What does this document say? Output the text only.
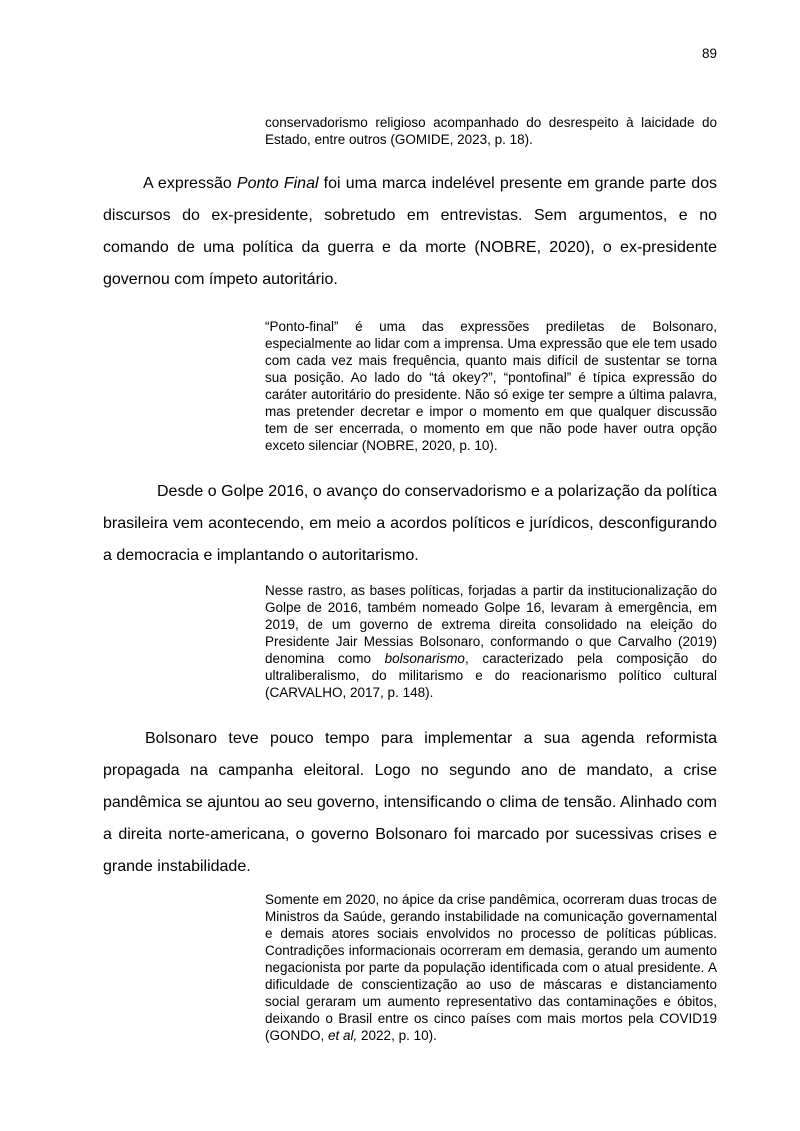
89
conservadorismo religioso acompanhado do desrespeito à laicidade do Estado, entre outros (GOMIDE, 2023, p. 18).

A expressão Ponto Final foi uma marca indelével presente em grande parte dos discursos do ex-presidente, sobretudo em entrevistas. Sem argumentos, e no comando de uma política da guerra e da morte (NOBRE, 2020), o ex-presidente governou com ímpeto autoritário.

“Ponto-final” é uma das expressões prediletas de Bolsonaro, especialmente ao lidar com a imprensa. Uma expressão que ele tem usado com cada vez mais frequência, quanto mais difícil de sustentar se torna sua posição. Ao lado do “tá okey?”, “pontofinal” é típica expressão do caráter autoritário do presidente. Não só exige ter sempre a última palavra, mas pretender decretar e impor o momento em que qualquer discussão tem de ser encerrada, o momento em que não pode haver outra opção exceto silenciar (NOBRE, 2020, p. 10).

Desde o Golpe 2016, o avanço do conservadorismo e a polarização da política brasileira vem acontecendo, em meio a acordos políticos e jurídicos, desconfigurando a democracia e implantando o autoritarismo.

Nesse rastro, as bases políticas, forjadas a partir da institucionalização do Golpe de 2016, também nomeado Golpe 16, levaram à emergência, em 2019, de um governo de extrema direita consolidado na eleição do Presidente Jair Messias Bolsonaro, conformando o que Carvalho (2019) denomina como bolsonarismo, caracterizado pela composição do ultraliberalismo, do militarismo e do reacionarismo político cultural (CARVALHO, 2017, p. 148).

Bolsonaro teve pouco tempo para implementar a sua agenda reformista propagada na campanha eleitoral. Logo no segundo ano de mandato, a crise pandêmica se ajuntou ao seu governo, intensificando o clima de tensão. Alinhado com a direita norte-americana, o governo Bolsonaro foi marcado por sucessivas crises e grande instabilidade.

Somente em 2020, no ápice da crise pandêmica, ocorreram duas trocas de Ministros da Saúde, gerando instabilidade na comunicação governamental e demais atores sociais envolvidos no processo de políticas públicas. Contradições informacionais ocorreram em demasia, gerando um aumento negacionista por parte da população identificada com o atual presidente. A dificuldade de conscientização ao uso de máscaras e distanciamento social geraram um aumento representativo das contaminações e óbitos, deixando o Brasil entre os cinco países com mais mortos pela COVID19 (GONDO, et al, 2022, p. 10).
